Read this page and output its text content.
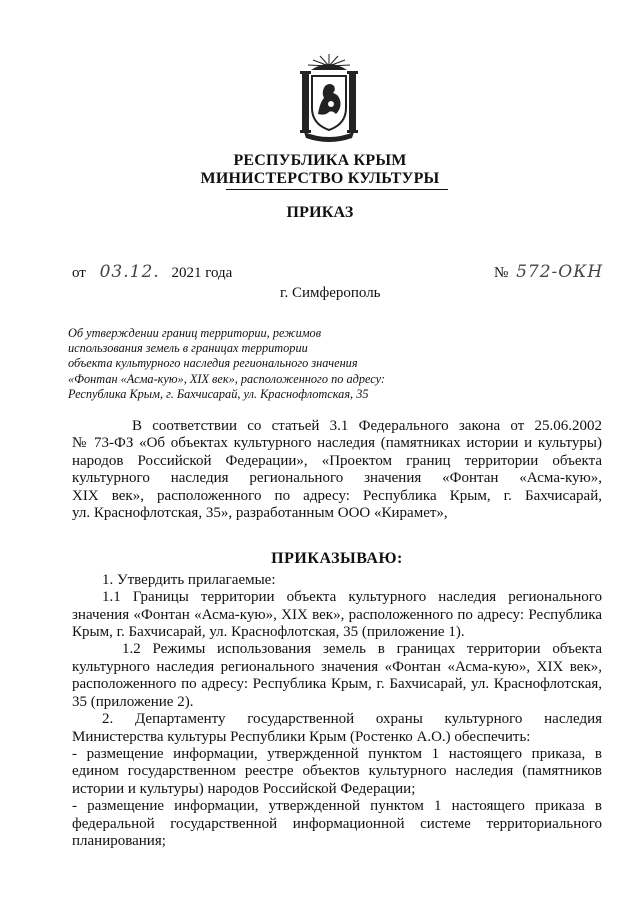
РЕСПУБЛИКА КРЫМ
МИНИСТЕРСТВО КУЛЬТУРЫ
ПРИКАЗ
от 03.12. 2021 года	№ 572-ОКН
г. Симферополь
Об утверждении границ территории, режимов
использования земель в границах территории
объекта культурного наследия регионального значения
«Фонтан «Асма-кую», XIX век», расположенного по адресу:
Республика Крым, г. Бахчисарай, ул. Краснофлотская, 35
В соответствии со статьей 3.1 Федерального закона от 25.06.2002
№ 73-ФЗ «Об объектах культурного наследия (памятниках истории и культуры)
народов Российской Федерации», «Проектом границ территории объекта
культурного наследия регионального значения «Фонтан «Асма-кую»,
XIX век», расположенного по адресу: Республика Крым, г. Бахчисарай,
ул. Краснофлотская, 35», разработанным ООО «Кирамет»,
ПРИКАЗЫВАЮ:
1. Утвердить прилагаемые:
1.1 Границы территории объекта культурного наследия регионального
значения «Фонтан «Асма-кую», XIX век», расположенного по адресу: Республика
Крым, г. Бахчисарай, ул. Краснофлотская, 35 (приложение 1).
1.2 Режимы использования земель в границах территории объекта
культурного наследия регионального значения «Фонтан «Асма-кую», XIX век»,
расположенного по адресу: Республика Крым, г. Бахчисарай, ул. Краснофлотская,
35 (приложение 2).
2. Департаменту государственной охраны культурного наследия
Министерства культуры Республики Крым (Ростенко А.О.) обеспечить:
- размещение информации, утвержденной пунктом 1 настоящего приказа, в
едином государственном реестре объектов культурного наследия (памятников
истории и культуры) народов Российской Федерации;
- размещение информации, утвержденной пунктом 1 настоящего приказа в
федеральной государственной информационной системе территориального
планирования;
